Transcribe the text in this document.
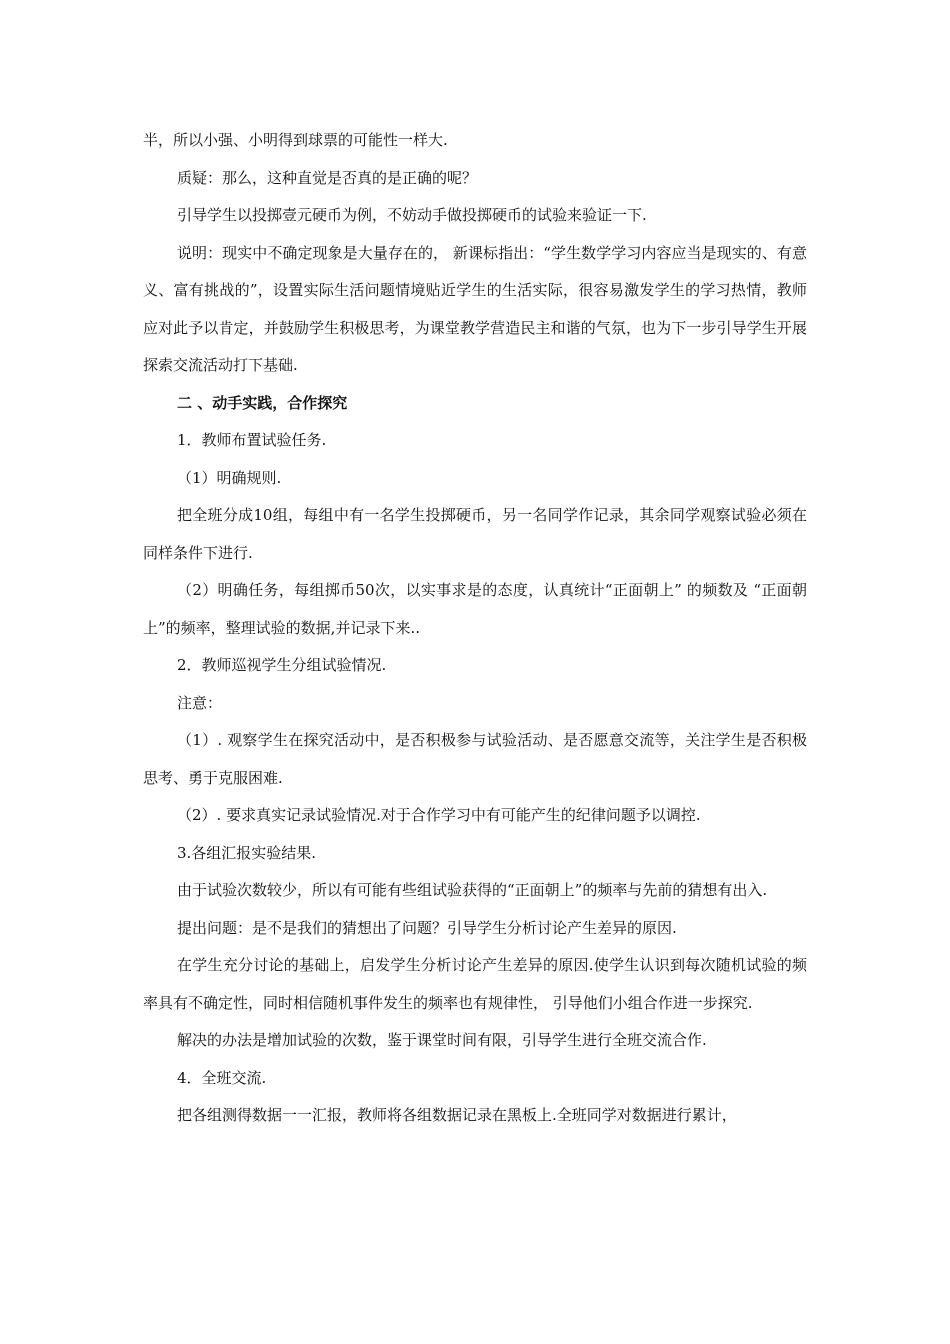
半，所以小强、小明得到球票的可能性一样大.

质疑：那么，这种直觉是否真的是正确的呢？

引导学生以投掷壹元硬币为例，不妨动手做投掷硬币的试验来验证一下.

说明：现实中不确定现象是大量存在的， 新课标指出：“学生数学学习内容应当是现实的、有意义、富有挑战的”，设置实际生活问题情境贴近学生的生活实际，很容易激发学生的学习热情，教师应对此予以肯定，并鼓励学生积极思考，为课堂教学营造民主和谐的气氛，也为下一步引导学生开展探索交流活动打下基础.

二 、动手实践，合作探究

1．教师布置试验任务.

（1）明确规则.

把全班分成10组，每组中有一名学生投掷硬币，另一名同学作记录，其余同学观察试验必须在同样条件下进行.

（2）明确任务，每组掷币50次，以实事求是的态度，认真统计“正面朝上” 的频数及 “正面朝上”的频率，整理试验的数据,并记录下来..

2．教师巡视学生分组试验情况.

注意：

（1）. 观察学生在探究活动中，是否积极参与试验活动、是否愿意交流等，关注学生是否积极思考、勇于克服困难.

（2）. 要求真实记录试验情况.对于合作学习中有可能产生的纪律问题予以调控.

3.各组汇报实验结果.

由于试验次数较少，所以有可能有些组试验获得的“正面朝上”的频率与先前的猜想有出入.

提出问题：是不是我们的猜想出了问题？引导学生分析讨论产生差异的原因.

在学生充分讨论的基础上，启发学生分析讨论产生差异的原因.使学生认识到每次随机试验的频率具有不确定性，同时相信随机事件发生的频率也有规律性， 引导他们小组合作进一步探究.

解决的办法是增加试验的次数，鉴于课堂时间有限，引导学生进行全班交流合作.

4．全班交流.

把各组测得数据一一汇报，教师将各组数据记录在黑板上.全班同学对数据进行累计，
